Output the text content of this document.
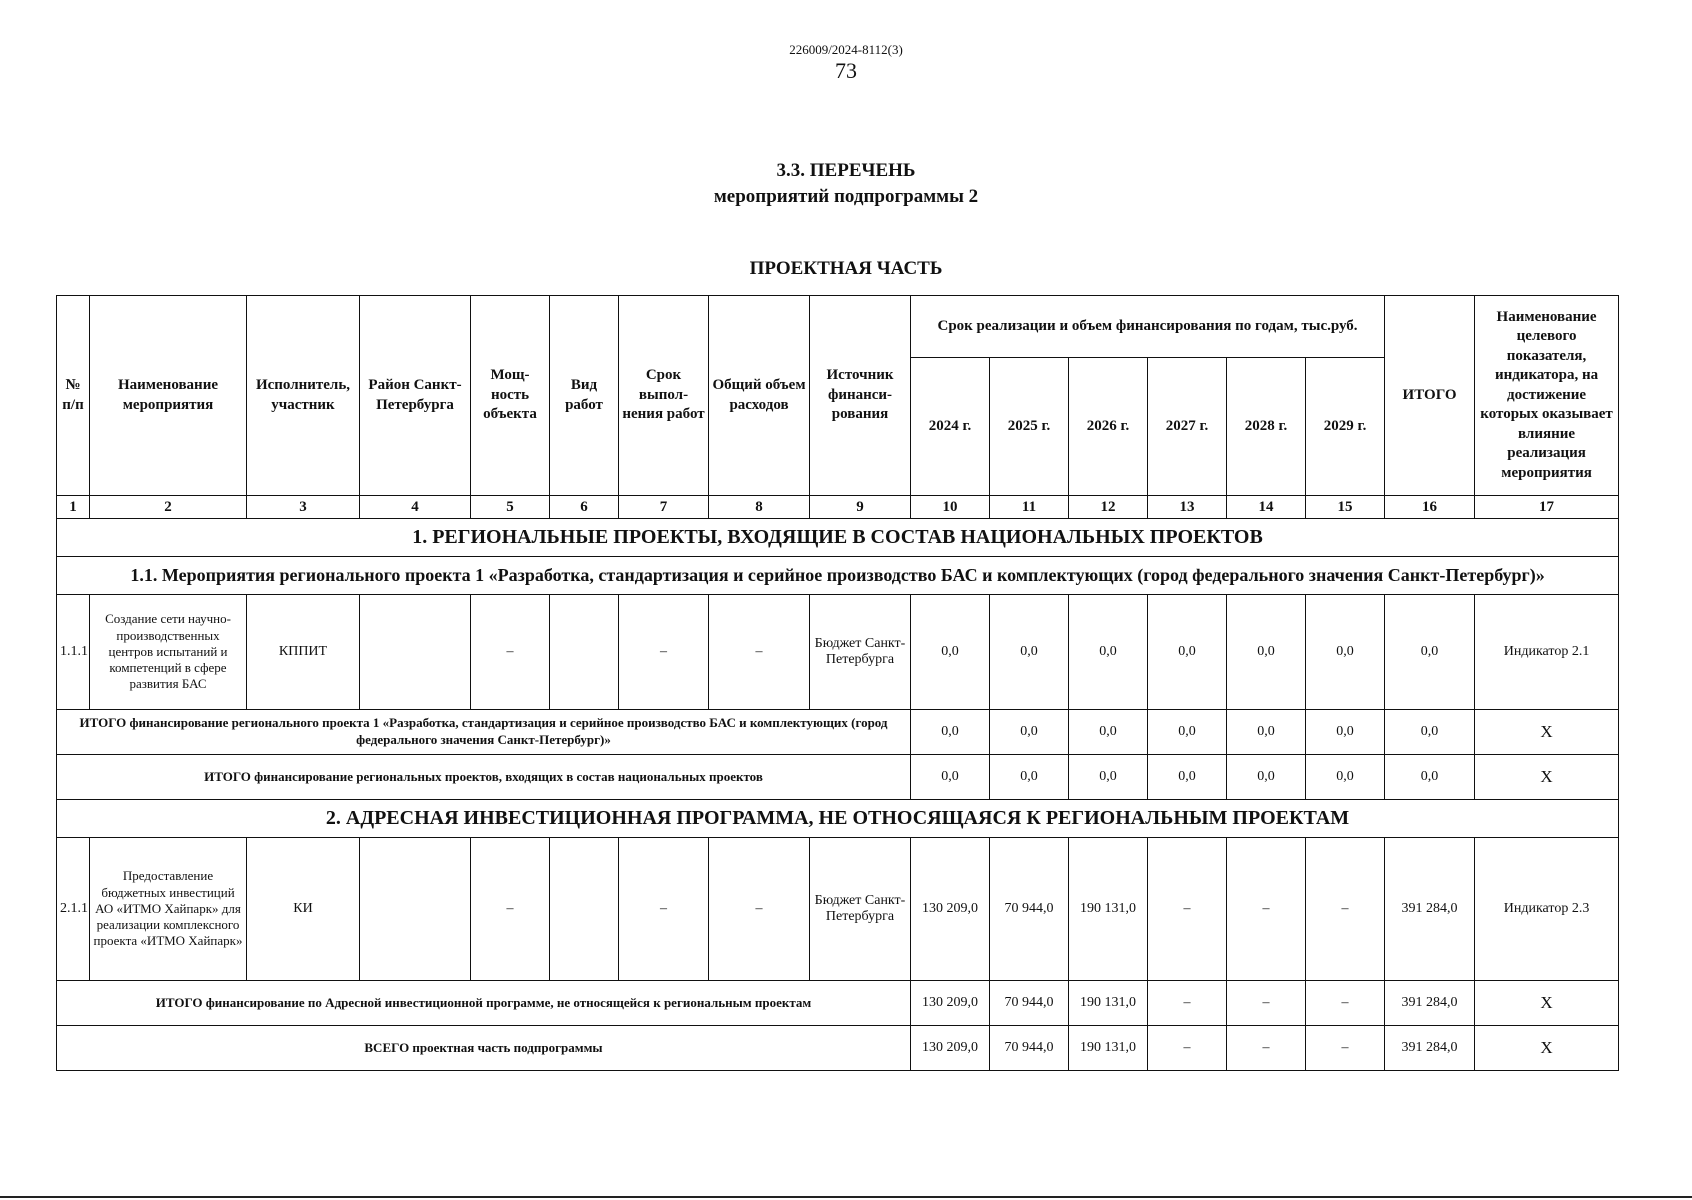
226009/2024-8112(3)
73
3.3. ПЕРЕЧЕНЬ
мероприятий подпрограммы 2
ПРОЕКТНАЯ ЧАСТЬ
№ п/п	Наименование мероприятия	Исполнитель, участник	Район Санкт-Петербурга	Мощ-ность объекта	Вид работ	Срок выпол-нения работ	Общий объем расходов	Источник финанси-рования	Срок реализации и объем финансирования по годам, тыс.руб.						ИТОГО	Наименование целевого показателя, индикатора, на достижение которых оказывает влияние реализация мероприятия
									2024 г.	2025 г.	2026 г.	2027 г.	2028 г.	2029 г.		
1	2	3	4	5	6	7	8	9	10	11	12	13	14	15	16	17
1. РЕГИОНАЛЬНЫЕ ПРОЕКТЫ, ВХОДЯЩИЕ В СОСТАВ НАЦИОНАЛЬНЫХ ПРОЕКТОВ																
1.1. Мероприятия регионального проекта 1 «Разработка, стандартизация и серийное производство БАС и комплектующих (город федерального значения Санкт-Петербург)»																
1.1.1	Создание сети научно-производственных центров испытаний и компетенций в сфере развития БАС	КППИТ		–		–	–	Бюджет Санкт-Петербурга	0,0	0,0	0,0	0,0	0,0	0,0	0,0	Индикатор 2.1
ИТОГО финансирование регионального проекта 1 «Разработка, стандартизация и серийное производство БАС и комплектующих (город федерального значения Санкт-Петербург)»									0,0	0,0	0,0	0,0	0,0	0,0	0,0	X
ИТОГО финансирование региональных проектов, входящих в состав национальных проектов									0,0	0,0	0,0	0,0	0,0	0,0	0,0	X
2. АДРЕСНАЯ ИНВЕСТИЦИОННАЯ ПРОГРАММА, НЕ ОТНОСЯЩАЯСЯ К РЕГИОНАЛЬНЫМ ПРОЕКТАМ																
2.1.1	Предоставление бюджетных инвестиций АО «ИТМО Хайпарк» для реализации комплексного проекта «ИТМО Хайпарк»	КИ		–		–	–	Бюджет Санкт-Петербурга	130 209,0	70 944,0	190 131,0	–	–	–	391 284,0	Индикатор 2.3
ИТОГО финансирование по Адресной инвестиционной программе, не относящейся к региональным проектам									130 209,0	70 944,0	190 131,0	–	–	–	391 284,0	X
ВСЕГО проектная часть подпрограммы									130 209,0	70 944,0	190 131,0	–	–	–	391 284,0	X
